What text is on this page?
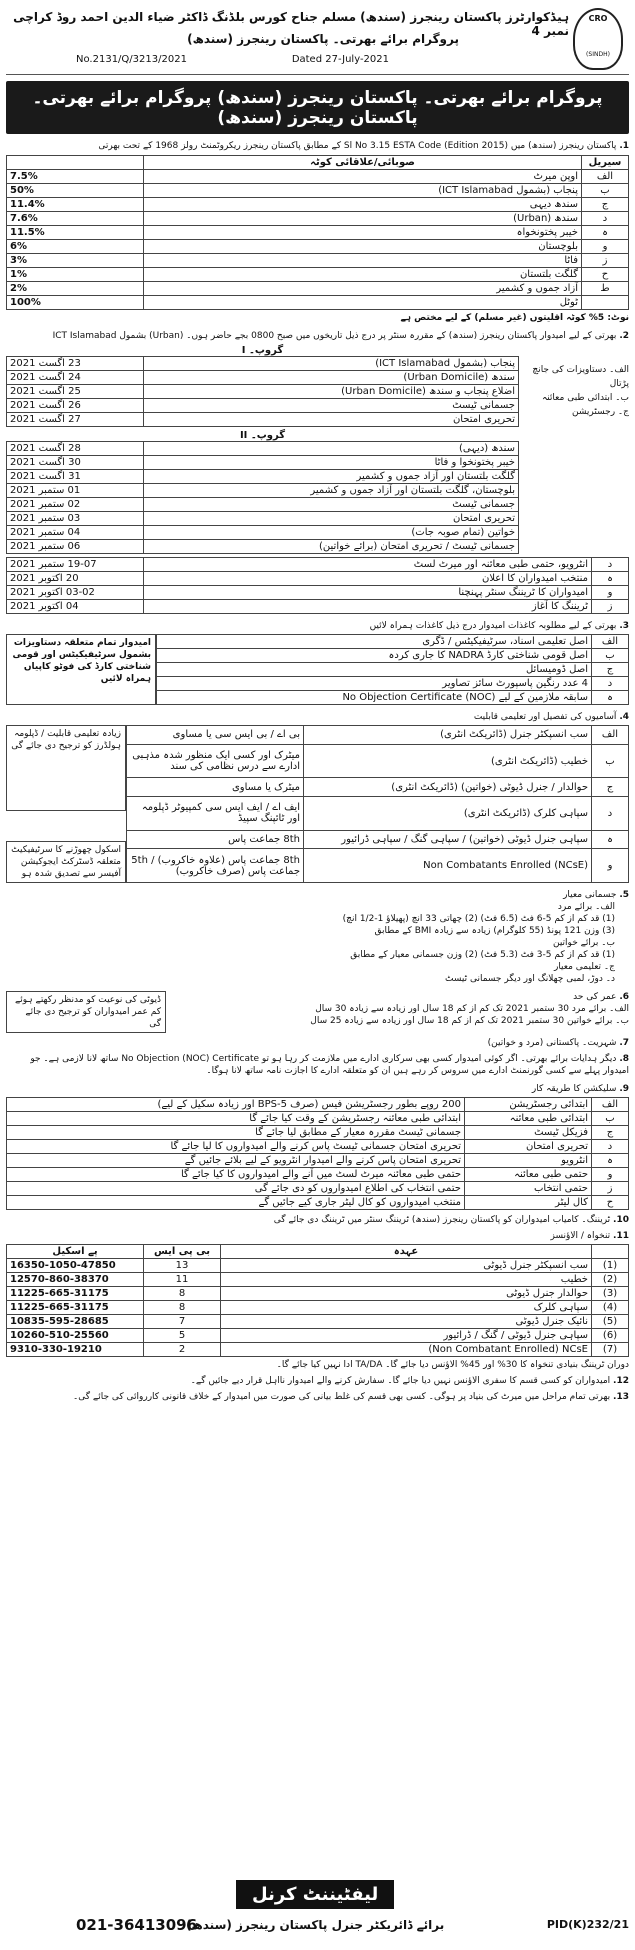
ہیڈکوارٹرز پاکستان رینجرز (سندھ) مسلم جناح کورس بلڈنگ ڈاکٹر ضیاء الدین احمد روڈ کراچی نمبر 4
پروگرام برائے بھرتی۔ پاکستان رینجرز (سندھ)
No.2131/Q/3213/2021	Dated 27-July-2021
CRO
(SINDH)
پروگرام برائے بھرتی۔ پاکستان رینجرز (سندھ) پروگرام برائے بھرتی۔ پاکستان رینجرز (سندھ)
1. پاکستان رینجرز (سندھ) میں Sl No 3.15 ESTA Code (Edition 2015) کے مطابق پاکستان رینجرز ریکروٹمنٹ رولز 1968 کے تحت بھرتی
سیریل	صوبائی/علاقائی کوٹہ	
الف	اوپن میرٹ	7.5%
ب	پنجاب (بشمول ICT Islamabad)	50%
ج	سندھ دیہی	11.4%
د	سندھ (Urban)	7.6%
ہ	خیبر پختونخواہ	11.5%
و	بلوچستان	6%
ز	فاٹا	3%
ح	گلگت بلتستان	1%
ط	آزاد جموں و کشمیر	2%
	ٹوٹل	100%
نوٹ: 5% کوٹہ اقلیتوں (غیر مسلم) کے لیے مختص ہے
2. بھرتی کے لیے امیدوار پاکستان رینجرز (سندھ) کے مقررہ سنٹر پر درج ذیل تاریخوں میں صبح 0800 بجے حاضر ہوں۔ (Urban) بشمول ICT Islamabad
الف۔ دستاویزات کی جانچ پڑتال
ب۔ ابتدائی طبی معائنہ
ج۔ رجسٹریشن
گروپ۔ I
پنجاب (بشمول ICT Islamabad)	23 اگست 2021
سندھ (Urban Domicile)	24 اگست 2021
اضلاع پنجاب و سندھ (Urban Domicile)	25 اگست 2021
جسمانی ٹیسٹ	26 اگست 2021
تحریری امتحان	27 اگست 2021
گروپ۔ II
سندھ (دیہی)	28 اگست 2021
خیبر پختونخوا و فاٹا	30 اگست 2021
گلگت بلتستان اور آزاد جموں و کشمیر	31 اگست 2021
بلوچستان، گلگت بلتستان اور آزاد جموں و کشمیر	01 ستمبر 2021
جسمانی ٹیسٹ	02 ستمبر 2021
تحریری امتحان	03 ستمبر 2021
خواتین (تمام صوبہ جات)	04 ستمبر 2021
جسمانی ٹیسٹ / تحریری امتحان (برائے خواتین)	06 ستمبر 2021
د	انٹرویو، حتمی طبی معائنہ اور میرٹ لسٹ	19-07 ستمبر 2021
ہ	منتخب امیدواران کا اعلان	20 اکتوبر 2021
و	امیدواران کا ٹریننگ سنٹر پہنچنا	03-02 اکتوبر 2021
ز	ٹریننگ کا آغاز	04 اکتوبر 2021
3. بھرتی کے لیے مطلوبہ کاغذات امیدوار درج ذیل کاغذات ہمراہ لائیں
الف	اصل تعلیمی اسناد، سرٹیفیکیٹس / ڈگری
ب	اصل قومی شناختی کارڈ NADRA کا جاری کردہ
ج	اصل ڈومیسائل
د	4 عدد رنگین پاسپورٹ سائز تصاویر
ہ	سابقہ ملازمین کے لیے No Objection Certificate (NOC)
امیدوار تمام متعلقہ دستاویزات بشمول سرٹیفیکیٹس اور قومی شناختی کارڈ کی فوٹو کاپیاں ہمراہ لائیں
4. آسامیوں کی تفصیل اور تعلیمی قابلیت
الف	سب انسپکٹر جنرل (ڈائریکٹ انٹری)	بی اے / بی ایس سی یا مساوی
ب	خطیب (ڈائریکٹ انٹری)	میٹرک اور کسی ایک منظور شدہ مذہبی ادارے سے درس نظامی کی سند
ج	حوالدار / جنرل ڈیوٹی (خواتین) (ڈائریکٹ انٹری)	میٹرک یا مساوی
د	سپاہی کلرک (ڈائریکٹ انٹری)	ایف اے / ایف ایس سی کمپیوٹر ڈپلومہ اور ٹائپنگ سپیڈ
ہ	سپاہی جنرل ڈیوٹی (خواتین) / سپاہی گنگ / سپاہی ڈرائیور	8th جماعت پاس
و	Non Combatants Enrolled (NCsE)	8th جماعت پاس (علاوہ خاکروب) / 5th جماعت پاس (صرف خاکروب)
زیادہ تعلیمی قابلیت / ڈپلومہ ہولڈرز کو ترجیح دی جائے گی
اسکول چھوڑنے کا سرٹیفیکیٹ متعلقہ ڈسٹرکٹ ایجوکیشن آفیسر سے تصدیق شدہ ہو
5. جسمانی معیار
الف۔ برائے مرد
(1) قد کم از کم 5-6 فٹ (6.5 فٹ) (2) چھاتی 33 انچ (پھیلاؤ 1-1/2 انچ)
(3) وزن 121 پونڈ (55 کلوگرام) زیادہ سے زیادہ BMI کے مطابق
ب۔ برائے خواتین
(1) قد کم از کم 5-3 فٹ (5.3 فٹ) (2) وزن جسمانی معیار کے مطابق
ج۔ تعلیمی معیار
د۔ دوڑ، لمبی چھلانگ اور دیگر جسمانی ٹیسٹ
6. عمر کی حد
الف۔ برائے مرد 30 ستمبر 2021 تک کم از کم 18 سال اور زیادہ سے زیادہ 30 سال
ب۔ برائے خواتین 30 ستمبر 2021 تک کم از کم 18 سال اور زیادہ سے زیادہ 25 سال
ڈیوٹی کی نوعیت کو مدنظر رکھتے ہوئے کم عمر امیدواران کو ترجیح دی جائے گی
7. شہریت۔ پاکستانی (مرد و خواتین)
8. دیگر ہدایات برائے بھرتی۔ اگر کوئی امیدوار کسی بھی سرکاری ادارے میں ملازمت کر رہا ہو تو No Objection (NOC) Certificate ساتھ لانا لازمی ہے۔ جو امیدوار پہلے سے کسی گورنمنٹ ادارے میں سروس کر رہے ہیں ان کو متعلقہ ادارے کا اجازت نامہ ساتھ لانا ہوگا۔
9. سلیکشن کا طریقہ کار
الف	ابتدائی رجسٹریشن	200 روپے بطور رجسٹریشن فیس (صرف BPS-5 اور زیادہ سکیل کے لیے)
ب	ابتدائی طبی معائنہ	ابتدائی طبی معائنہ رجسٹریشن کے وقت کیا جائے گا
ج	فزیکل ٹیسٹ	جسمانی ٹیسٹ مقررہ معیار کے مطابق لیا جائے گا
د	تحریری امتحان	تحریری امتحان جسمانی ٹیسٹ پاس کرنے والے امیدواروں کا لیا جائے گا
ہ	انٹرویو	تحریری امتحان پاس کرنے والے امیدوار انٹرویو کے لیے بلائے جائیں گے
و	حتمی طبی معائنہ	حتمی طبی معائنہ میرٹ لسٹ میں آنے والے امیدواروں کا کیا جائے گا
ز	حتمی انتخاب	حتمی انتخاب کی اطلاع امیدواروں کو دی جائے گی
ح	کال لیٹر	منتخب امیدواروں کو کال لیٹر جاری کیے جائیں گے
10. ٹریننگ۔ کامیاب امیدواران کو پاکستان رینجرز (سندھ) ٹریننگ سنٹر میں ٹریننگ دی جائے گی
11. تنخواہ / الاؤنسز
	عہدہ	بی پی ایس	پے اسکیل
(1)	سب انسپکٹر جنرل ڈیوٹی	13	16350-1050-47850
(2)	خطیب	11	12570-860-38370
(3)	حوالدار جنرل ڈیوٹی	8	11225-665-31175
(4)	سپاہی کلرک	8	11225-665-31175
(5)	نائیک جنرل ڈیوٹی	7	10835-595-28685
(6)	سپاہی جنرل ڈیوٹی / گنگ / ڈرائیور	5	10260-510-25560
(7)	Non Combatant Enrolled) NCsE)	2	9310-330-19210
دوران ٹریننگ بنیادی تنخواہ کا 30% اور 45% الاؤنس دیا جائے گا۔ TA/DA ادا نہیں کیا جائے گا۔
12. امیدواران کو کسی قسم کا سفری الاؤنس نہیں دیا جائے گا۔ سفارش کرنے والے امیدوار نااہل قرار دیے جائیں گے۔
13. بھرتی تمام مراحل میں میرٹ کی بنیاد پر ہوگی۔ کسی بھی قسم کی غلط بیانی کی صورت میں امیدوار کے خلاف قانونی کارروائی کی جائے گی۔
لیفٹیننٹ کرنل
021-36413096
برائے ڈائریکٹر جنرل پاکستان رینجرز (سندھ)	PID(K)232/21
